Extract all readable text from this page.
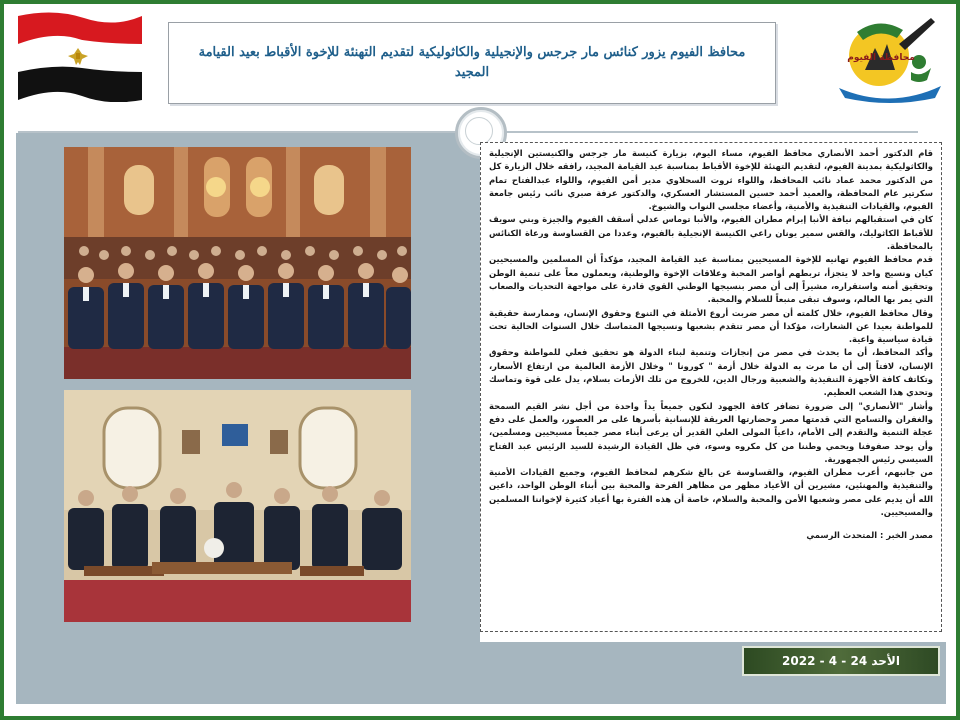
محافظة الفيوم
محافظ الفيوم يزور كنائس مار جرجس والإنجيلية والكاثوليكية لتقديم التهنئة للإخوة الأقباط بعيد القيامة المجيد

قام الدكتور أحمد الأنصاري محافظ الفيوم، مساء اليوم، بزيارة كنيسة مار جرجس والكنيستين الإنجيلية والكاثوليكية بمدينة الفيوم، لتقديم التهنئة للإخوة الأقباط بمناسبة عيد القيامة المجيد، رافقه خلال الزيارة كل من الدكتور محمد عماد نائب المحافظ، واللواء ثروت السحلاوي مدير أمن الفيوم، واللواء عبدالفتاح تمام سكرتير عام المحافظة، والعميد أحمد حسين المستشار العسكري، والدكتور عرفة صبري نائب رئيس جامعة الفيوم، والقيادات التنفيذية والأمنية، وأعضاء مجلسي النواب والشيوخ.

كان في استقبالهم نيافة الأنبا إبرام مطران الفيوم، والأنبا توماس عدلي أسقف الفيوم والجيزة وبني سويف للأقباط الكاثوليك، والقس سمير يونان راعي الكنيسة الإنجيلية بالفيوم، وعددا من القساوسة ورعاة الكنائس بالمحافظة.

قدم محافظ الفيوم تهانيه للإخوة المسيحيين بمناسبة عيد القيامة المجيد، مؤكداً أن المسلمين والمسيحيين كيان ونسيج واحد لا يتجزأ، تربطهم أواصر المحبة وعلاقات الإخوة والوطنية، ويعملون معاً على تنمية الوطن وتحقيق أمنه واستقراره، مشيراً إلى أن مصر بنسيجها الوطني القوي قادرة على مواجهة التحديات والصعاب التي يمر بها العالم، وسوف تبقى منبعاً للسلام والمحبة.

وقال محافظ الفيوم، خلال كلمته أن مصر ضربت أروع الأمثلة في التنوع وحقوق الإنسان، وممارسة حقيقية للمواطنة بعيدا عن الشعارات، مؤكدا أن مصر تتقدم بشعبها ونسيجها المتماسك خلال السنوات الحالية تحت قيادة سياسية واعية.

وأكد المحافظ، أن ما يحدث في مصر من إنجازات وتنمية لبناء الدولة هو تحقيق فعلي للمواطنة وحقوق الإنسان، لافتاً إلى أن ما مرت به الدولة خلال أزمة " كورونا " وخلال الأزمة العالمية من ارتفاع الأسعار، وتكاتف كافة الأجهزة التنفيذية والشعبية ورجال الدين، للخروج من تلك الأزمات بسلام، يدل على قوة وتماسك وتحدي هذا الشعب العظيم.

وأشار "الأنصاري" إلى ضرورة تضافر كافة الجهود لنكون جميعاً يداً واحدة من أجل نشر القيم السمحة والغفران والتسامح التي قدمتها مصر وحضارتها العريقة للإنسانية بأسرها على مر العصور، والعمل على دفع عجلة التنمية والتقدم إلى الأمام، داعياً المولى العلي القدير أن يرعى أبناء مصر جميعاً مسيحيين ومسلمين، وأن يوحد صفوفنا ويحمي وطننا من كل مكروه وسوء، في ظل القيادة الرشيدة للسيد الرئيس عبد الفتاح السيسي رئيس الجمهورية.

من جانبهم، أعرب مطران الفيوم، والقساوسة عن بالغ شكرهم لمحافظ الفيوم، وجميع القيادات الأمنية والتنفيذية والمهنئين، مشيرين أن الأعياد مظهر من مظاهر الفرحة والمحبة بين أبناء الوطن الواحد، داعين الله أن يديم على مصر وشعبها الأمن والمحبة والسلام، خاصة أن هذه الفترة بها أعياد كثيرة لإخواننا المسلمين والمسيحيين.

مصدر الخبر : المتحدث الرسمي

الأحد 24 - 4 - 2022
